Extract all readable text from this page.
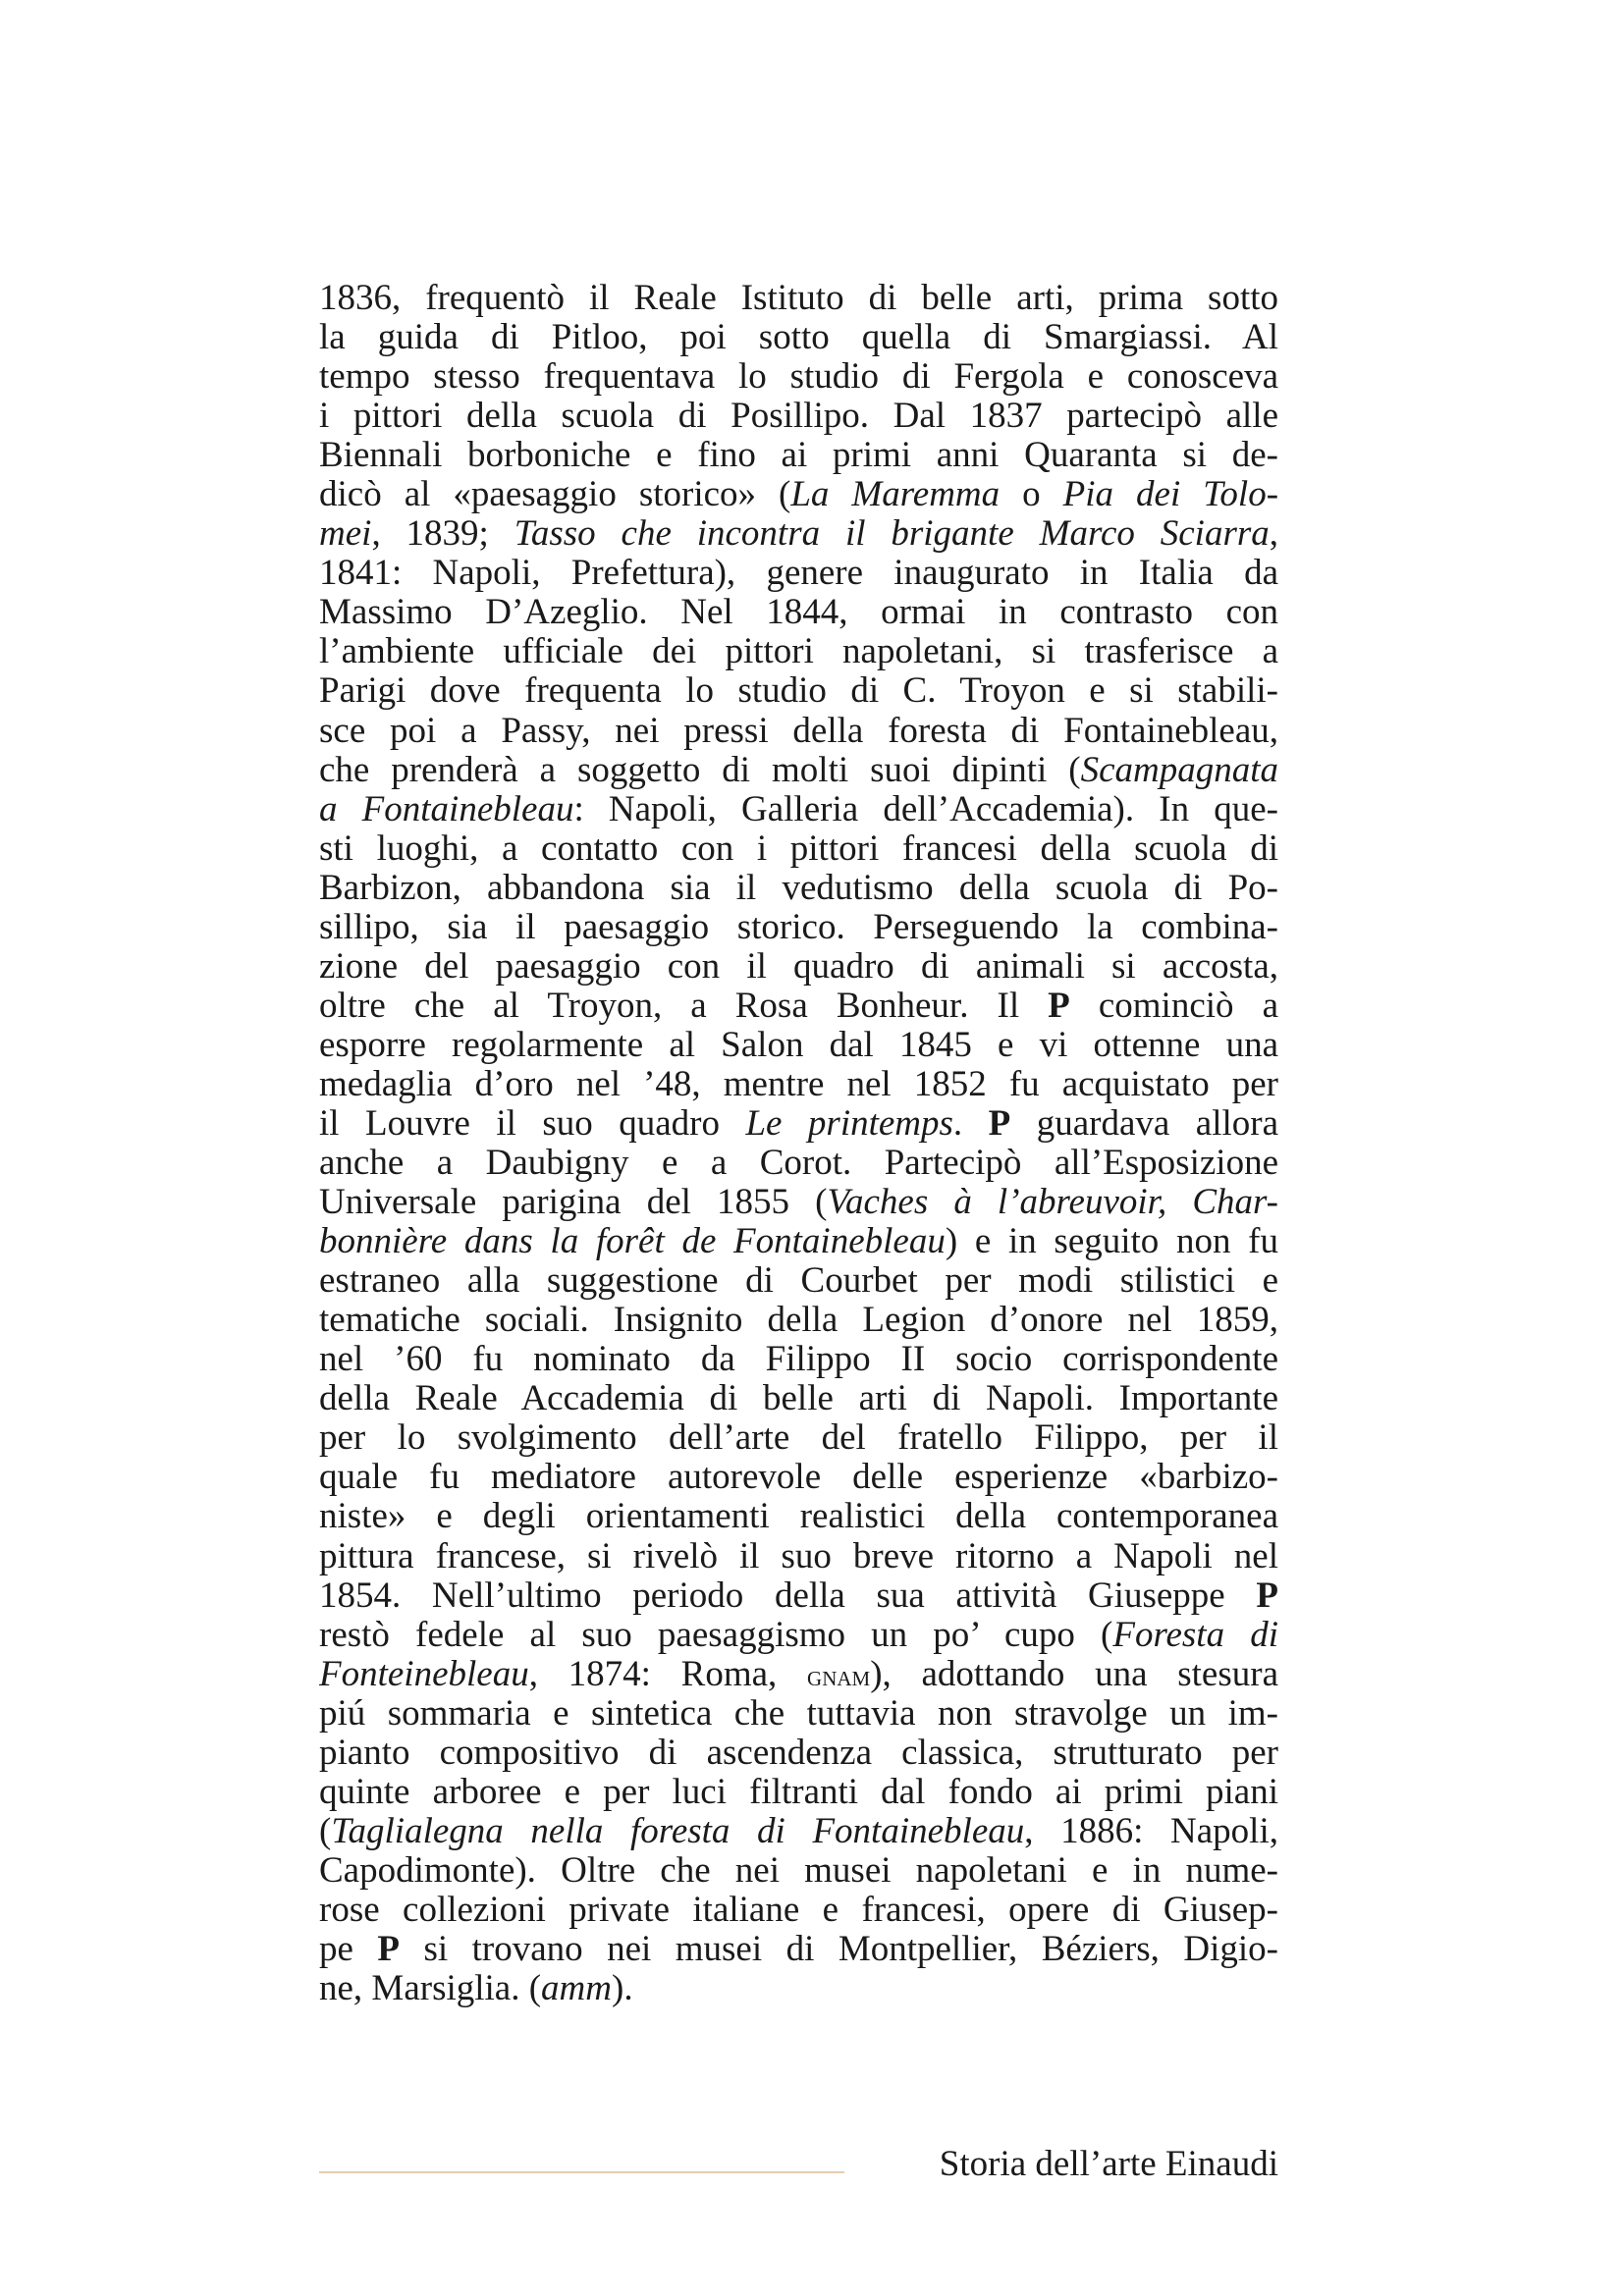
1836, frequentò il Reale Istituto di belle arti, prima sotto
la guida di Pitloo, poi sotto quella di Smargiassi. Al
tempo stesso frequentava lo studio di Fergola e conosceva
i pittori della scuola di Posillipo. Dal 1837 partecipò alle
Biennali borboniche e fino ai primi anni Quaranta si de-
dicò al «paesaggio storico» (La Maremma o Pia dei Tolo-
mei, 1839; Tasso che incontra il brigante Marco Sciarra,
1841: Napoli, Prefettura), genere inaugurato in Italia da
Massimo D’Azeglio. Nel 1844, ormai in contrasto con
l’ambiente ufficiale dei pittori napoletani, si trasferisce a
Parigi dove frequenta lo studio di C. Troyon e si stabili-
sce poi a Passy, nei pressi della foresta di Fontainebleau,
che prenderà a soggetto di molti suoi dipinti (Scampagnata
a Fontainebleau: Napoli, Galleria dell’Accademia). In que-
sti luoghi, a contatto con i pittori francesi della scuola di
Barbizon, abbandona sia il vedutismo della scuola di Po-
sillipo, sia il paesaggio storico. Perseguendo la combina-
zione del paesaggio con il quadro di animali si accosta,
oltre che al Troyon, a Rosa Bonheur. Il P cominciò a
esporre regolarmente al Salon dal 1845 e vi ottenne una
medaglia d’oro nel ’48, mentre nel 1852 fu acquistato per
il Louvre il suo quadro Le printemps. P guardava allora
anche a Daubigny e a Corot. Partecipò all’Esposizione
Universale parigina del 1855 (Vaches à l’abreuvoir, Char-
bonnière dans la forêt de Fontainebleau) e in seguito non fu
estraneo alla suggestione di Courbet per modi stilistici e
tematiche sociali. Insignito della Legion d’onore nel 1859,
nel ’60 fu nominato da Filippo II socio corrispondente
della Reale Accademia di belle arti di Napoli. Importante
per lo svolgimento dell’arte del fratello Filippo, per il
quale fu mediatore autorevole delle esperienze «barbizo-
niste» e degli orientamenti realistici della contemporanea
pittura francese, si rivelò il suo breve ritorno a Napoli nel
1854. Nell’ultimo periodo della sua attività Giuseppe P
restò fedele al suo paesaggismo un po’ cupo (Foresta di
Fonteinebleau, 1874: Roma, gnam), adottando una stesura
piú sommaria e sintetica che tuttavia non stravolge un im-
pianto compositivo di ascendenza classica, strutturato per
quinte arboree e per luci filtranti dal fondo ai primi piani
(Taglialegna nella foresta di Fontainebleau, 1886: Napoli,
Capodimonte). Oltre che nei musei napoletani e in nume-
rose collezioni private italiane e francesi, opere di Giusep-
pe P si trovano nei musei di Montpellier, Béziers, Digio-
ne, Marsiglia. (amm).
Storia dell’arte Einaudi
